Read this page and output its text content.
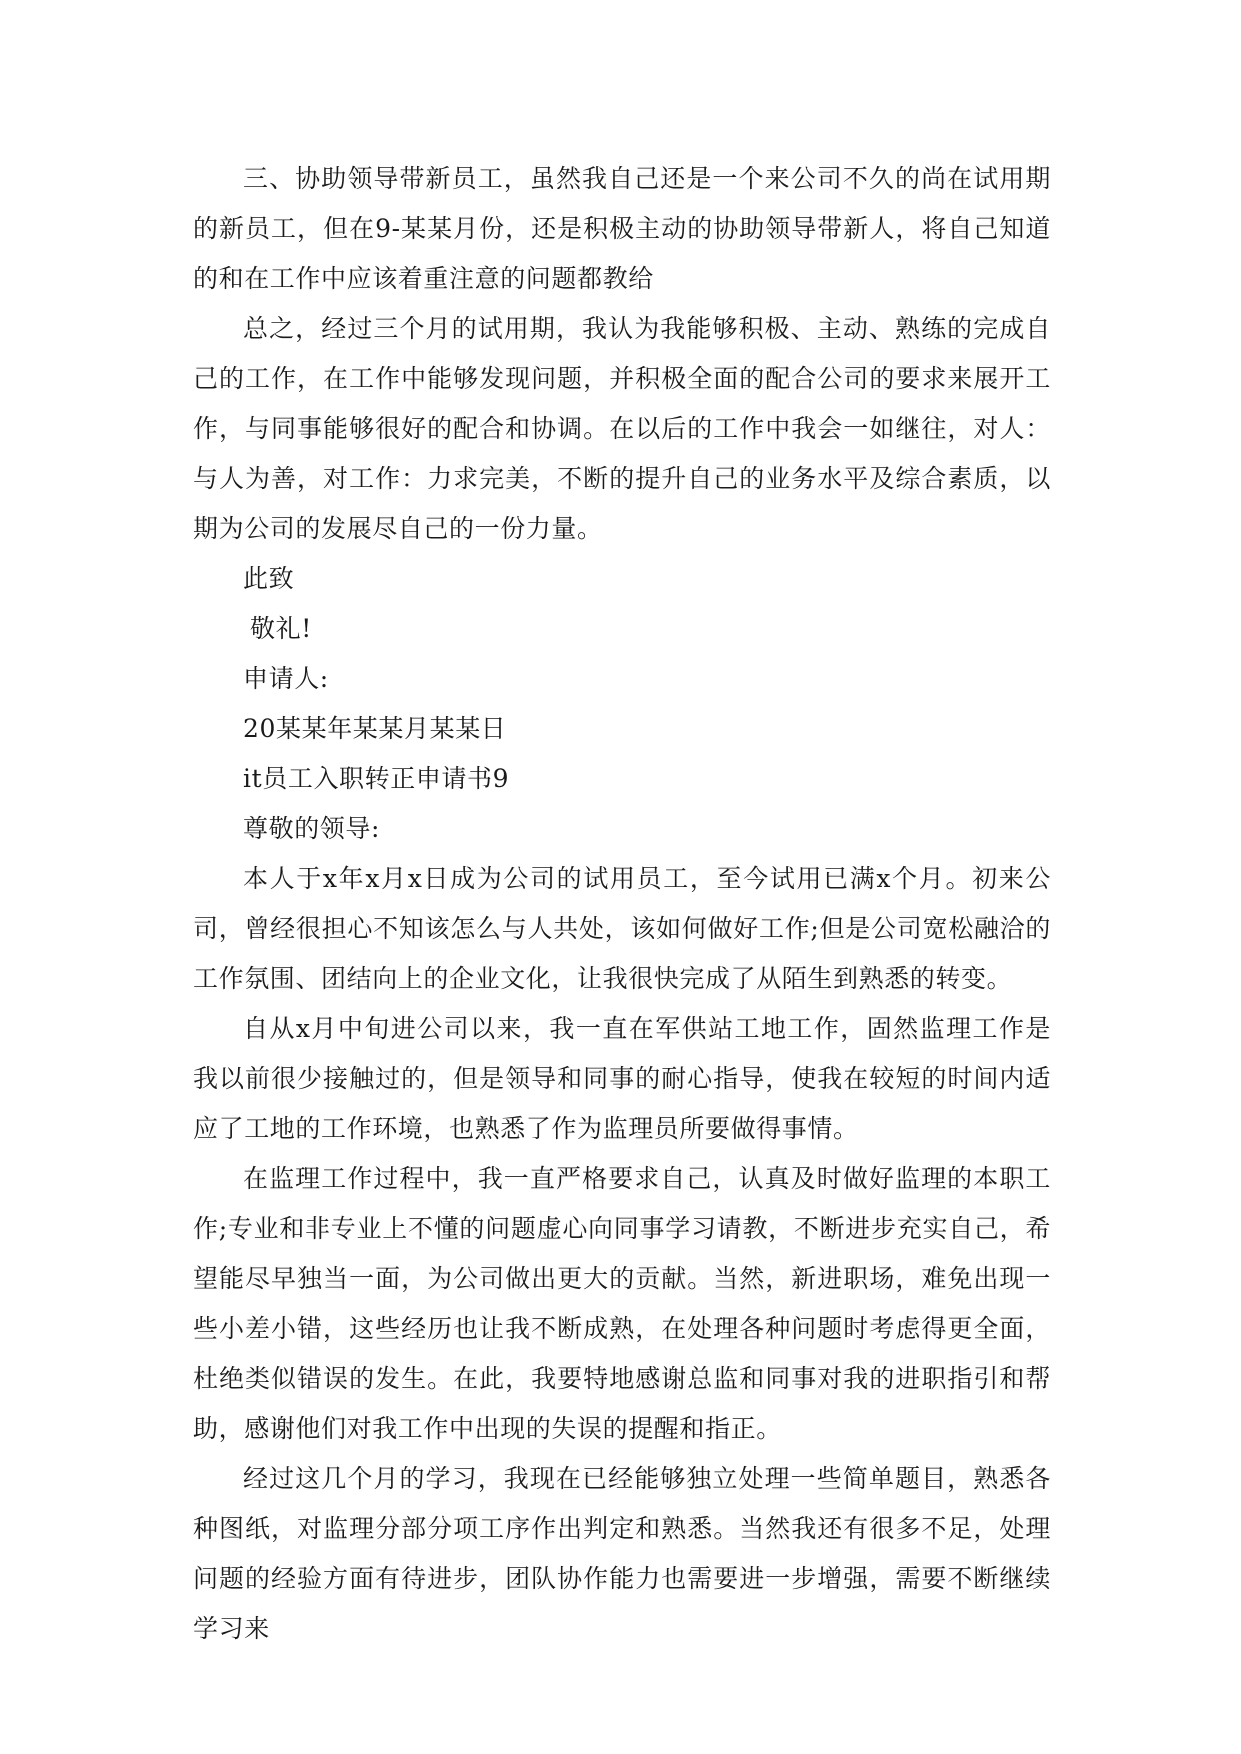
三、协助领导带新员工，虽然我自己还是一个来公司不久的尚在试用期的新员工，但在9-某某月份，还是积极主动的协助领导带新人，将自己知道的和在工作中应该着重注意的问题都教给

总之，经过三个月的试用期，我认为我能够积极、主动、熟练的完成自己的工作，在工作中能够发现问题，并积极全面的配合公司的要求来展开工作，与同事能够很好的配合和协调。在以后的工作中我会一如继往，对人：与人为善，对工作：力求完美，不断的提升自己的业务水平及综合素质，以期为公司的发展尽自己的一份力量。

此致

敬礼!

申请人:

20某某年某某月某某日

it员工入职转正申请书9

尊敬的领导:

本人于x年x月x日成为公司的试用员工，至今试用已满x个月。初来公司，曾经很担心不知该怎么与人共处，该如何做好工作;但是公司宽松融洽的工作氛围、团结向上的企业文化，让我很快完成了从陌生到熟悉的转变。

自从x月中旬进公司以来，我一直在军供站工地工作，固然监理工作是我以前很少接触过的，但是领导和同事的耐心指导，使我在较短的时间内适应了工地的工作环境，也熟悉了作为监理员所要做得事情。

在监理工作过程中，我一直严格要求自己，认真及时做好监理的本职工作;专业和非专业上不懂的问题虚心向同事学习请教，不断进步充实自己，希望能尽早独当一面，为公司做出更大的贡献。当然，新进职场，难免出现一些小差小错，这些经历也让我不断成熟，在处理各种问题时考虑得更全面，杜绝类似错误的发生。在此，我要特地感谢总监和同事对我的进职指引和帮助，感谢他们对我工作中出现的失误的提醒和指正。

经过这几个月的学习，我现在已经能够独立处理一些简单题目，熟悉各种图纸，对监理分部分项工序作出判定和熟悉。当然我还有很多不足，处理问题的经验方面有待进步，团队协作能力也需要进一步增强，需要不断继续学习来
